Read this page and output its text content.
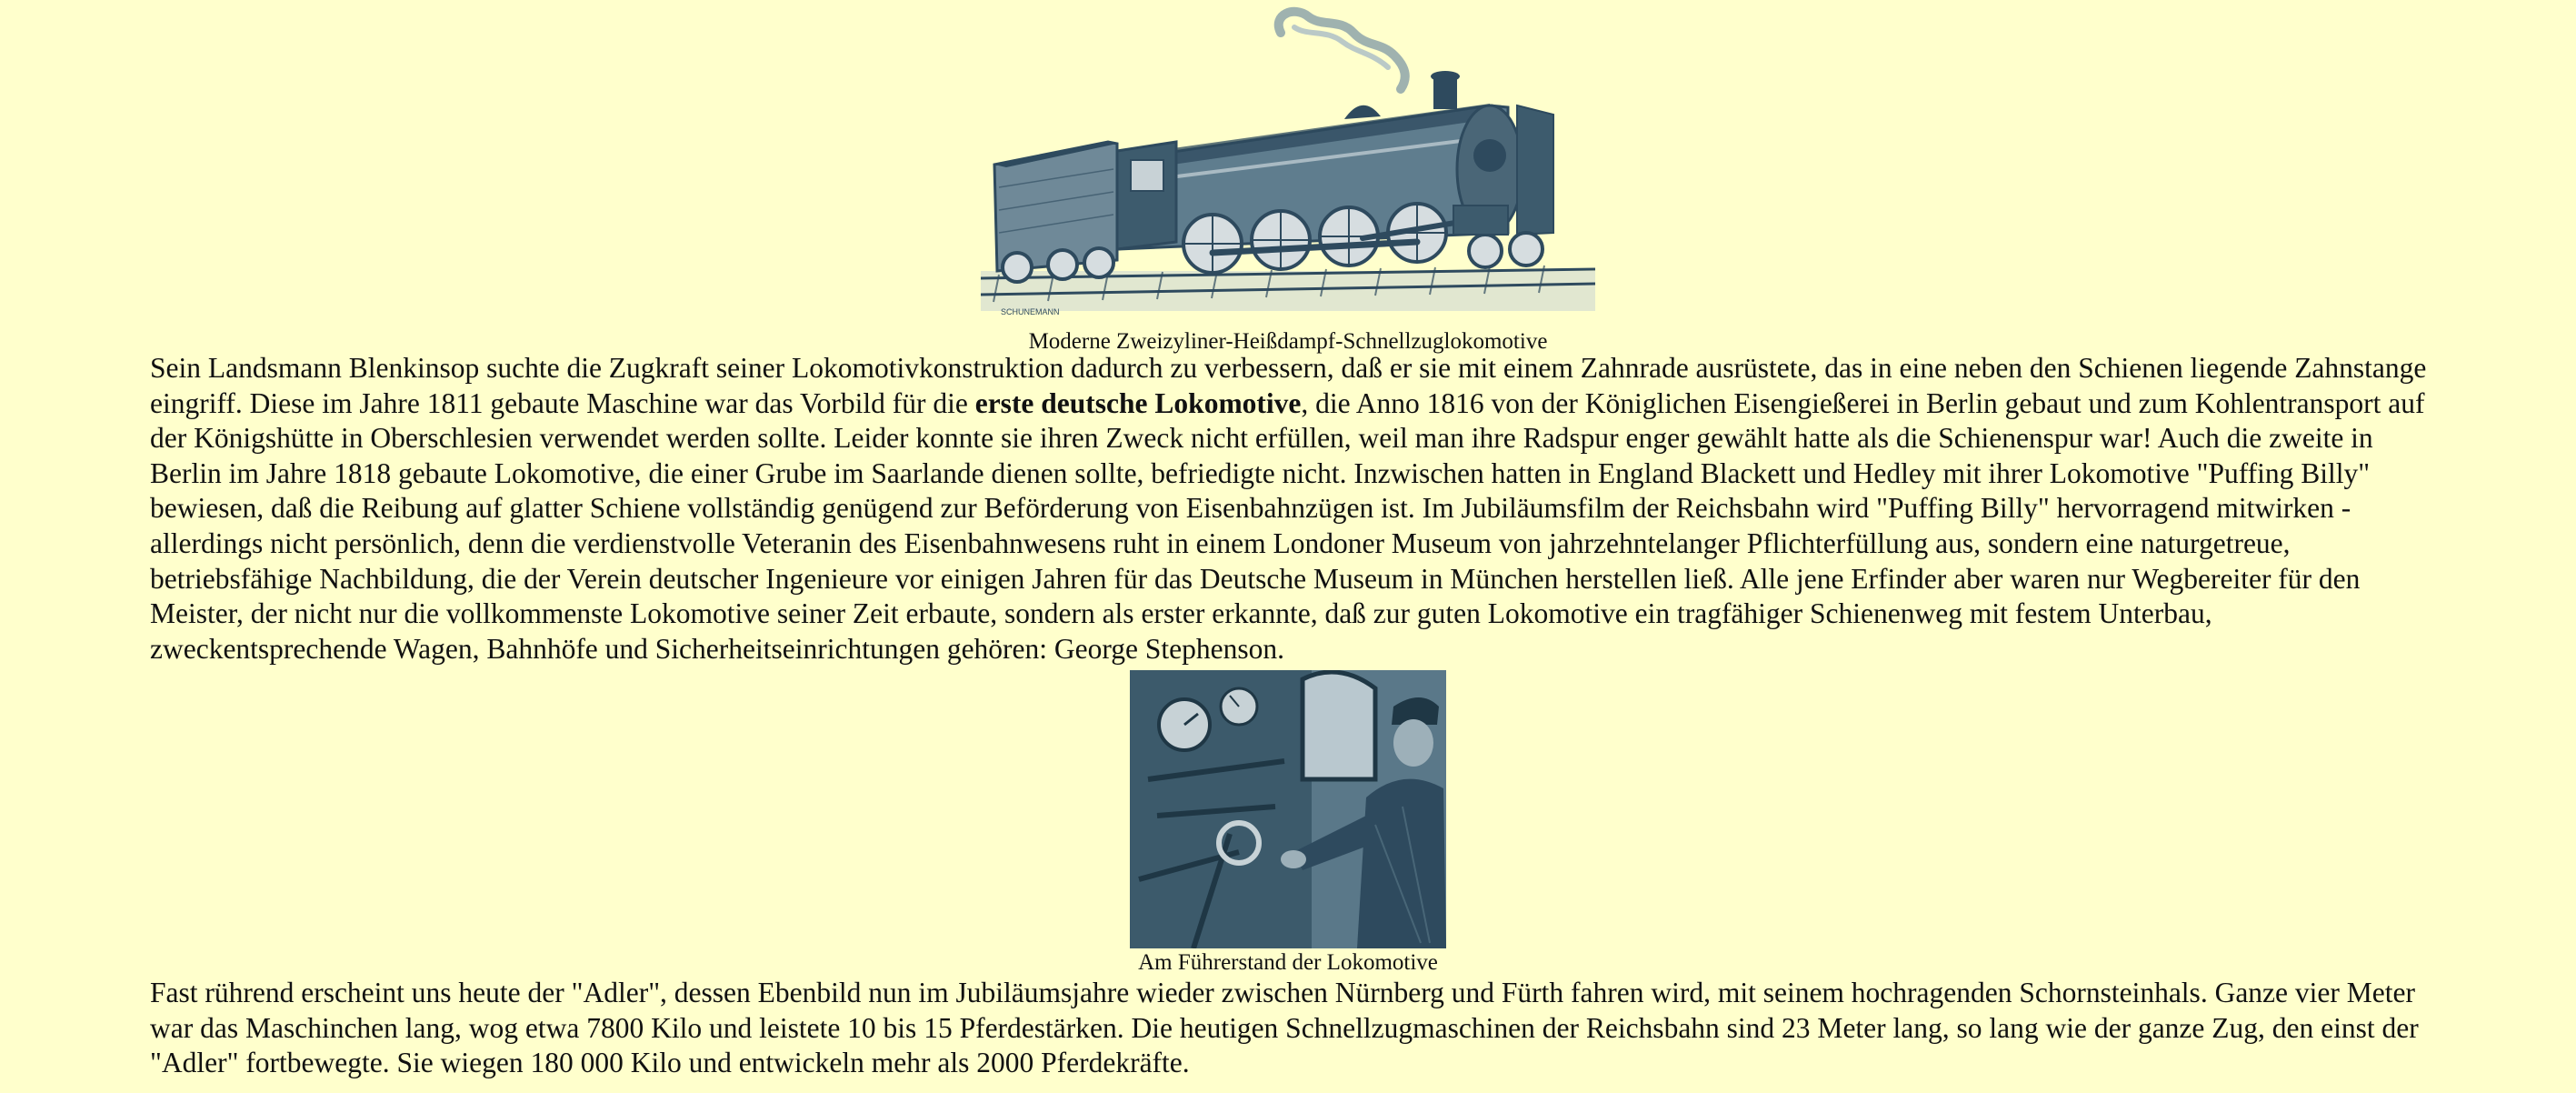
SCHUNEMANN
Moderne Zweizyliner-Heißdampf-Schnellzuglokomotive

Sein Landsmann Blenkinsop suchte die Zugkraft seiner Lokomotivkonstruktion dadurch zu verbessern, daß er sie mit einem Zahnrade ausrüstete, das in eine neben den Schienen liegende Zahnstange eingriff. Diese im Jahre 1811 gebaute Maschine war das Vorbild für die erste deutsche Lokomotive, die Anno 1816 von der Königlichen Eisengießerei in Berlin gebaut und zum Kohlentransport auf der Königshütte in Oberschlesien verwendet werden sollte. Leider konnte sie ihren Zweck nicht erfüllen, weil man ihre Radspur enger gewählt hatte als die Schienenspur war! Auch die zweite in Berlin im Jahre 1818 gebaute Lokomotive, die einer Grube im Saarlande dienen sollte, befriedigte nicht. Inzwischen hatten in England Blackett und Hedley mit ihrer Lokomotive "Puffing Billy" bewiesen, daß die Reibung auf glatter Schiene vollständig genügend zur Beförderung von Eisenbahnzügen ist. Im Jubiläumsfilm der Reichsbahn wird "Puffing Billy" hervorragend mitwirken - allerdings nicht persönlich, denn die verdienstvolle Veteranin des Eisenbahnwesens ruht in einem Londoner Museum von jahrzehntelanger Pflichterfüllung aus, sondern eine naturgetreue, betriebsfähige Nachbildung, die der Verein deutscher Ingenieure vor einigen Jahren für das Deutsche Museum in München herstellen ließ. Alle jene Erfinder aber waren nur Wegbereiter für den Meister, der nicht nur die vollkommenste Lokomotive seiner Zeit erbaute, sondern als erster erkannte, daß zur guten Lokomotive ein tragfähiger Schienenweg mit festem Unterbau, zweckentsprechende Wagen, Bahnhöfe und Sicherheitseinrichtungen gehören: George Stephenson.

Am Führerstand der Lokomotive

Fast rührend erscheint uns heute der "Adler", dessen Ebenbild nun im Jubiläumsjahre wieder zwischen Nürnberg und Fürth fahren wird, mit seinem hochragenden Schornsteinhals. Ganze vier Meter war das Maschinchen lang, wog etwa 7800 Kilo und leistete 10 bis 15 Pferdestärken. Die heutigen Schnellzugmaschinen der Reichsbahn sind 23 Meter lang, so lang wie der ganze Zug, den einst der "Adler" fortbewegte. Sie wiegen 180 000 Kilo und entwickeln mehr als 2000 Pferdekräfte.
